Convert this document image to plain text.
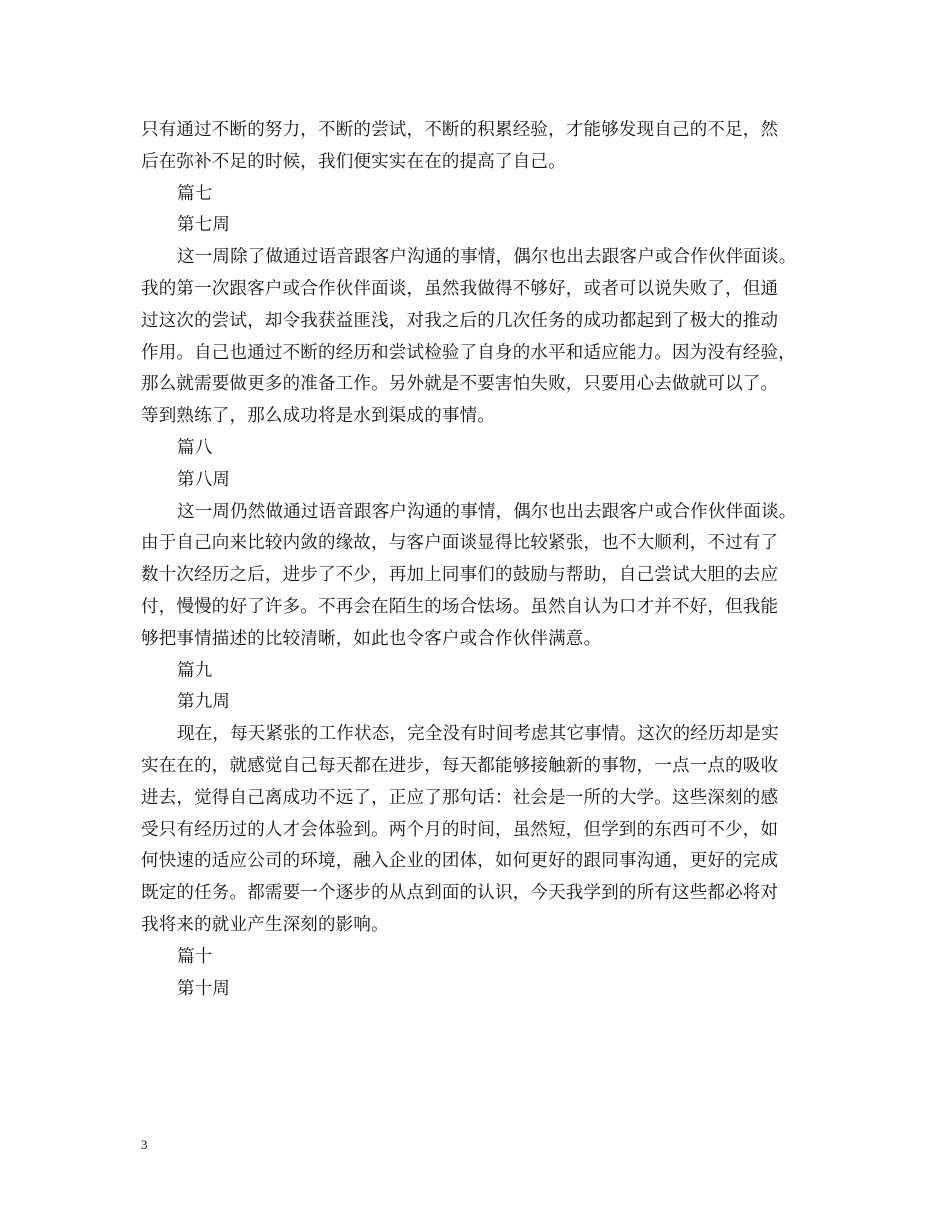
只有通过不断的努力，不断的尝试，不断的积累经验，才能够发现自己的不足，然
后在弥补不足的时候，我们便实实在在的提高了自己。
篇七
第七周
这一周除了做通过语音跟客户沟通的事情，偶尔也出去跟客户或合作伙伴面谈。
我的第一次跟客户或合作伙伴面谈，虽然我做得不够好，或者可以说失败了，但通
过这次的尝试，却令我获益匪浅，对我之后的几次任务的成功都起到了极大的推动
作用。自己也通过不断的经历和尝试检验了自身的水平和适应能力。因为没有经验，
那么就需要做更多的准备工作。另外就是不要害怕失败，只要用心去做就可以了。
等到熟练了，那么成功将是水到渠成的事情。
篇八
第八周
这一周仍然做通过语音跟客户沟通的事情，偶尔也出去跟客户或合作伙伴面谈。
由于自己向来比较内敛的缘故，与客户面谈显得比较紧张，也不大顺利，不过有了
数十次经历之后，进步了不少，再加上同事们的鼓励与帮助，自己尝试大胆的去应
付，慢慢的好了许多。不再会在陌生的场合怯场。虽然自认为口才并不好，但我能
够把事情描述的比较清晰，如此也令客户或合作伙伴满意。
篇九
第九周
现在，每天紧张的工作状态，完全没有时间考虑其它事情。这次的经历却是实
实在在的，就感觉自己每天都在进步，每天都能够接触新的事物，一点一点的吸收
进去，觉得自己离成功不远了，正应了那句话：社会是一所的大学。这些深刻的感
受只有经历过的人才会体验到。两个月的时间，虽然短，但学到的东西可不少，如
何快速的适应公司的环境，融入企业的团体，如何更好的跟同事沟通，更好的完成
既定的任务。都需要一个逐步的从点到面的认识，今天我学到的所有这些都必将对
我将来的就业产生深刻的影响。
篇十
第十周
3
